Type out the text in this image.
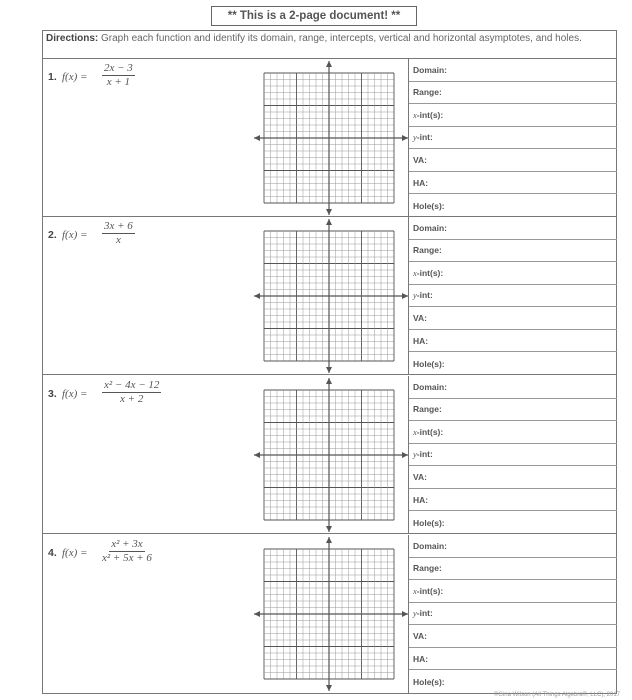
** This is a 2-page document! **
Directions: Graph each function and identify its domain, range, intercepts, vertical and horizontal asymptotes, and holes.
1. $f(x) = \frac{2x - 3}{x + 1}$	Domain:
Range:
x -int(s):
y -int:
VA:
HA:
Hole(s):
2. $f(x) = \frac{3x + 6}{x}$	Domain:
Range:
x -int(s):
y -int:
VA:
HA:
Hole(s):
3. $f(x) = \frac{\text{x² − 4x − 12}}{x + 2}$	Domain:
Range:
x -int(s):
y -int:
VA:
HA:
Hole(s):
4. $f(x) = \frac{\text{x² + 3x}}{\text{x² + 5x + 6}}$	Domain:
Range:
x -int(s):
y -int:
VA:
HA:
Hole(s):
©Gina Wilson (All Things Algebra®, LLC), 2017
